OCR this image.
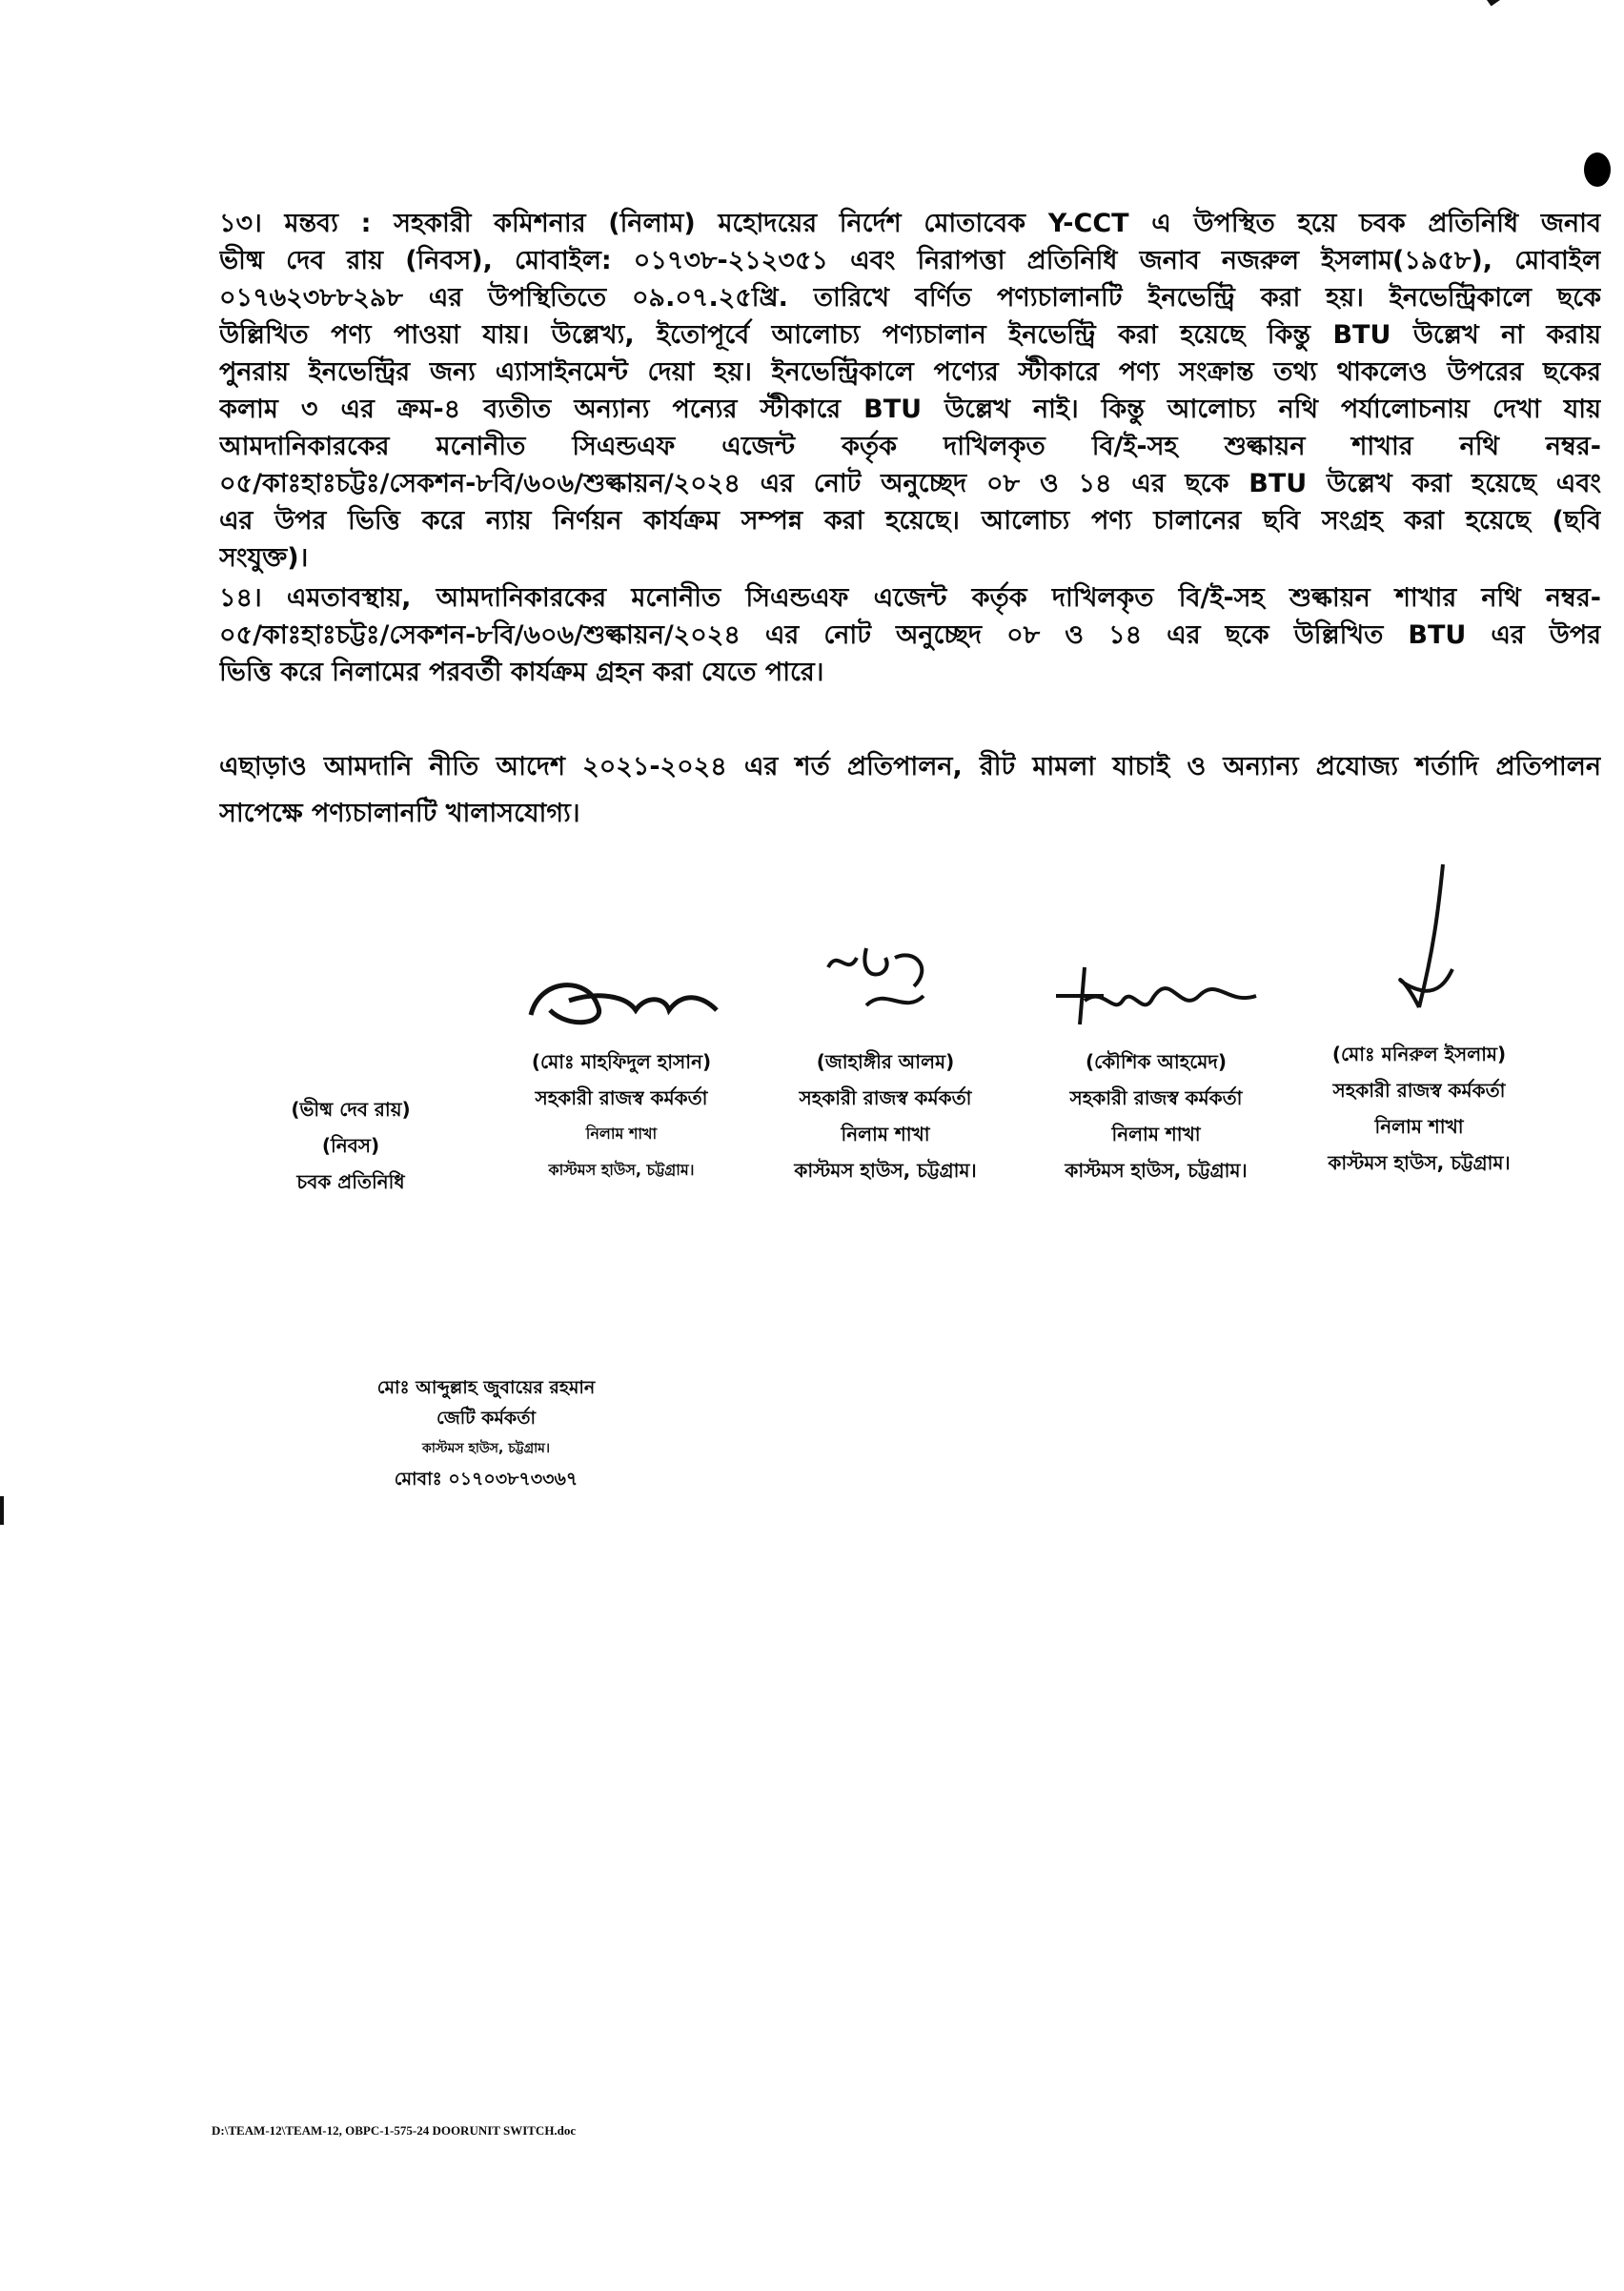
১৩। মন্তব্য : সহকারী কমিশনার (নিলাম) মহোদয়ের নির্দেশ মোতাবেক Y-CCT এ উপস্থিত হয়ে চবক প্রতিনিধি জনাব
ভীষ্ম দেব রায় (নিবস), মোবাইল: ০১৭৩৮-২১২৩৫১ এবং নিরাপত্তা প্রতিনিধি জনাব নজরুল ইসলাম(১৯৫৮), মোবাইল
০১৭৬২৩৮৮২৯৮ এর উপস্থিতিতে ০৯.০৭.২৫খ্রি. তারিখে বর্ণিত পণ্যচালানটি ইনভেন্ট্রি করা হয়। ইনভেন্ট্রিকালে ছকে
উল্লিখিত পণ্য পাওয়া যায়। উল্লেখ্য, ইতোপূর্বে আলোচ্য পণ্যচালান ইনভেন্ট্রি করা হয়েছে কিন্তু BTU উল্লেখ না করায়
পুনরায় ইনভেন্ট্রির জন্য এ্যাসাইনমেন্ট দেয়া হয়। ইনভেন্ট্রিকালে পণ্যের স্টীকারে পণ্য সংক্রান্ত তথ্য থাকলেও উপরের ছকের
কলাম ৩ এর ক্রম-৪ ব্যতীত অন্যান্য পন্যের স্টীকারে BTU উল্লেখ নাই। কিন্তু আলোচ্য নথি পর্যালোচনায় দেখা যায়
আমদানিকারকের মনোনীত সিএন্ডএফ এজেন্ট কর্তৃক দাখিলকৃত বি/ই-সহ শুল্কায়ন শাখার নথি নম্বর-
০৫/কাঃহাঃচট্টঃ/সেকশন-৮বি/৬০৬/শুল্কায়ন/২০২৪ এর নোট অনুচ্ছেদ ০৮ ও ১৪ এর ছকে BTU উল্লেখ করা হয়েছে এবং
এর উপর ভিত্তি করে ন্যায় নির্ণয়ন কার্যক্রম সম্পন্ন করা হয়েছে। আলোচ্য পণ্য চালানের ছবি সংগ্রহ করা হয়েছে (ছবি
সংযুক্ত)।
১৪। এমতাবস্থায়, আমদানিকারকের মনোনীত সিএন্ডএফ এজেন্ট কর্তৃক দাখিলকৃত বি/ই-সহ শুল্কায়ন শাখার নথি নম্বর-
০৫/কাঃহাঃচট্টঃ/সেকশন-৮বি/৬০৬/শুল্কায়ন/২০২৪ এর নোট অনুচ্ছেদ ০৮ ও ১৪ এর ছকে উল্লিখিত BTU এর উপর
ভিত্তি করে নিলামের পরবর্তী কার্যক্রম গ্রহন করা যেতে পারে।
এছাড়াও আমদানি নীতি আদেশ ২০২১-২০২৪ এর শর্ত প্রতিপালন, রীট মামলা যাচাই ও অন্যান্য প্রযোজ্য শর্তাদি প্রতিপালন
সাপেক্ষে পণ্যচালানটি খালাসযোগ্য।
(ভীষ্ম দেব রায়)
(নিবস)
চবক প্রতিনিধি
(মোঃ মাহফিদুল হাসান)
সহকারী রাজস্ব কর্মকর্তা
নিলাম শাখা
কাস্টমস হাউস, চট্টগ্রাম।
(জাহাঙ্গীর আলম)
সহকারী রাজস্ব কর্মকর্তা
নিলাম শাখা
কাস্টমস হাউস, চট্টগ্রাম।
(কৌশিক আহমেদ)
সহকারী রাজস্ব কর্মকর্তা
নিলাম শাখা
কাস্টমস হাউস, চট্টগ্রাম।
(মোঃ মনিরুল ইসলাম)
সহকারী রাজস্ব কর্মকর্তা
নিলাম শাখা
কাস্টমস হাউস, চট্টগ্রাম।
মোঃ আব্দুল্লাহ জুবায়ের রহমান
জেটি কর্মকর্তা
কাস্টমস হাউস, চট্টগ্রাম।
মোবাঃ ০১৭০৩৮৭৩৩৬৭
D:\TEAM-12\TEAM-12, OBPC-1-575-24 DOORUNIT SWITCH.doc
